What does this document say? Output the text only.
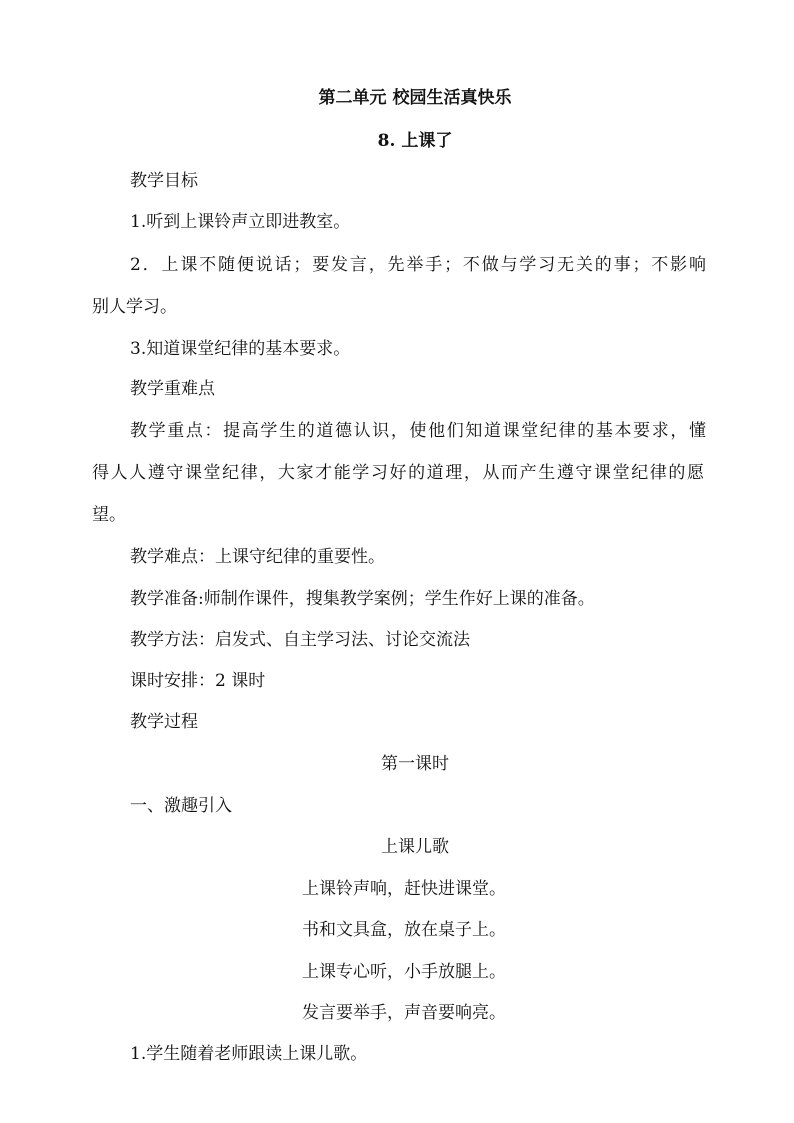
第二单元 校园生活真快乐
8. 上课了
教学目标
1.听到上课铃声立即进教室。
2．上课不随便说话；要发言，先举手；不做与学习无关的事；不影响
别人学习。
3.知道课堂纪律的基本要求。
教学重难点
教学重点：提高学生的道德认识，使他们知道课堂纪律的基本要求，懂
得人人遵守课堂纪律，大家才能学习好的道理，从而产生遵守课堂纪律的愿
望。
教学难点：上课守纪律的重要性。
教学准备:师制作课件，搜集教学案例；学生作好上课的准备。
教学方法：启发式、自主学习法、讨论交流法
课时安排：2 课时
教学过程
第一课时
一、激趣引入
上课儿歌
上课铃声响，赶快进课堂。
书和文具盒，放在桌子上。
上课专心听，小手放腿上。
发言要举手，声音要响亮。
1.学生随着老师跟读上课儿歌。
